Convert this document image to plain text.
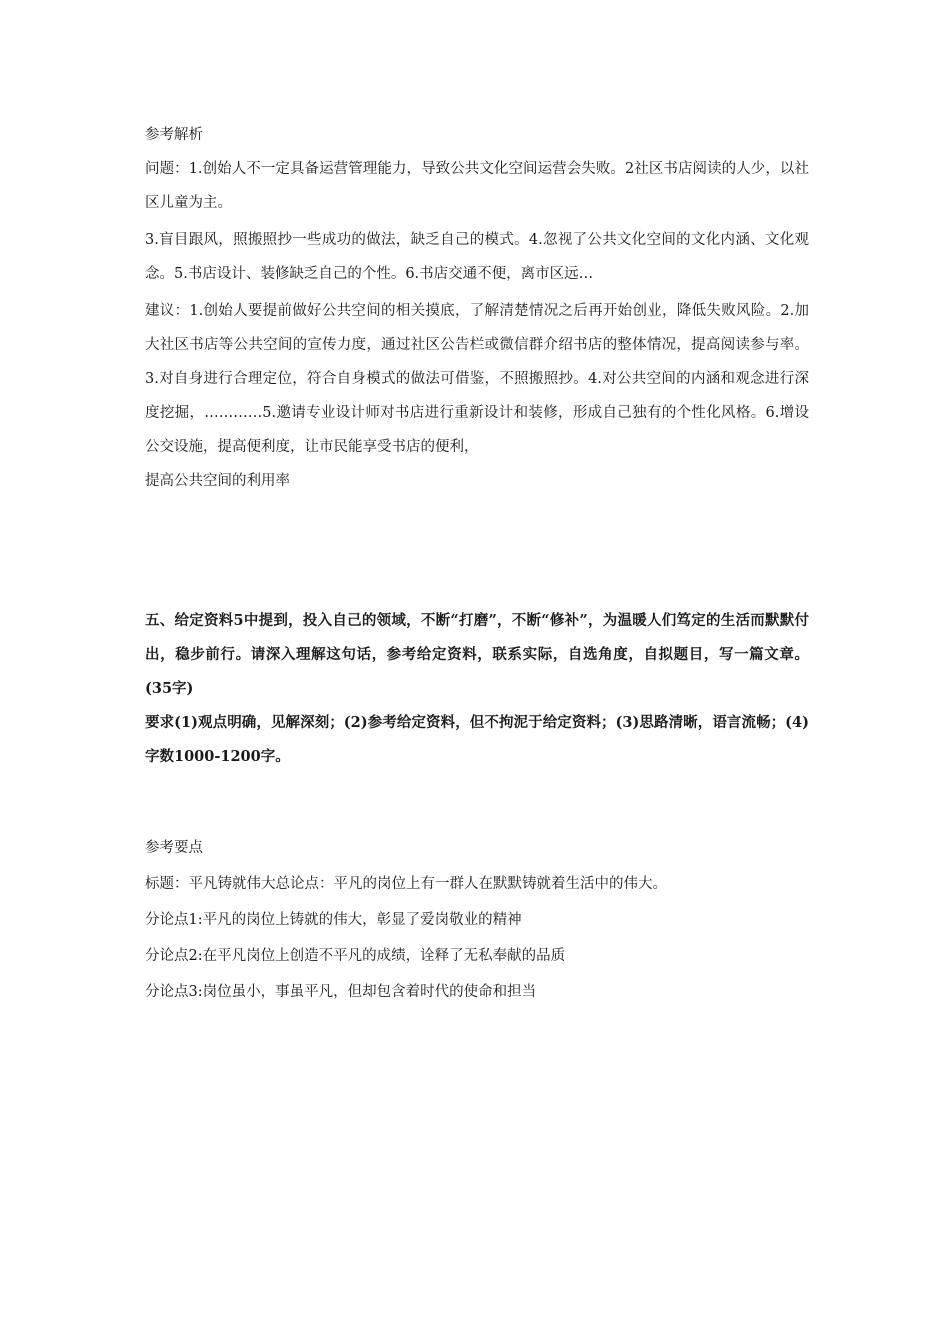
参考解析

问题：1.创始人不一定具备运营管理能力，导致公共文化空间运营会失败。2社区书店阅读的人少，以社区儿童为主。

3.盲目跟风，照搬照抄一些成功的做法，缺乏自己的模式。4.忽视了公共文化空间的文化内涵、文化观念。5.书店设计、装修缺乏自己的个性。6.书店交通不便，离市区远…

建议：1.创始人要提前做好公共空间的相关摸底，了解清楚情况之后再开始创业，降低失败风险。2.加大社区书店等公共空间的宣传力度，通过社区公告栏或微信群介绍书店的整体情况，提高阅读参与率。3.对自身进行合理定位，符合自身模式的做法可借鉴，不照搬照抄。4.对公共空间的内涵和观念进行深度挖掘，…………5.邀请专业设计师对书店进行重新设计和装修，形成自己独有的个性化风格。6.增设公交设施，提高便利度，让市民能享受书店的便利，

提高公共空间的利用率

五、给定资料5中提到，投入自己的领域，不断“打磨”，不断“修补”，为温暖人们笃定的生活而默默付出，稳步前行。请深入理解这句话，参考给定资料，联系实际，自选角度，自拟题目，写一篇文章。(35字)

要求(1)观点明确，见解深刻；(2)参考给定资料，但不拘泥于给定资料；(3)思路清晰，语言流畅；(4)字数1000-1200字。

参考要点
标题：平凡铸就伟大总论点：平凡的岗位上有一群人在默默铸就着生活中的伟大。
分论点1:平凡的岗位上铸就的伟大，彰显了爱岗敬业的精神
分论点2:在平凡岗位上创造不平凡的成绩，诠释了无私奉献的品质
分论点3:岗位虽小，事虽平凡，但却包含着时代的使命和担当
